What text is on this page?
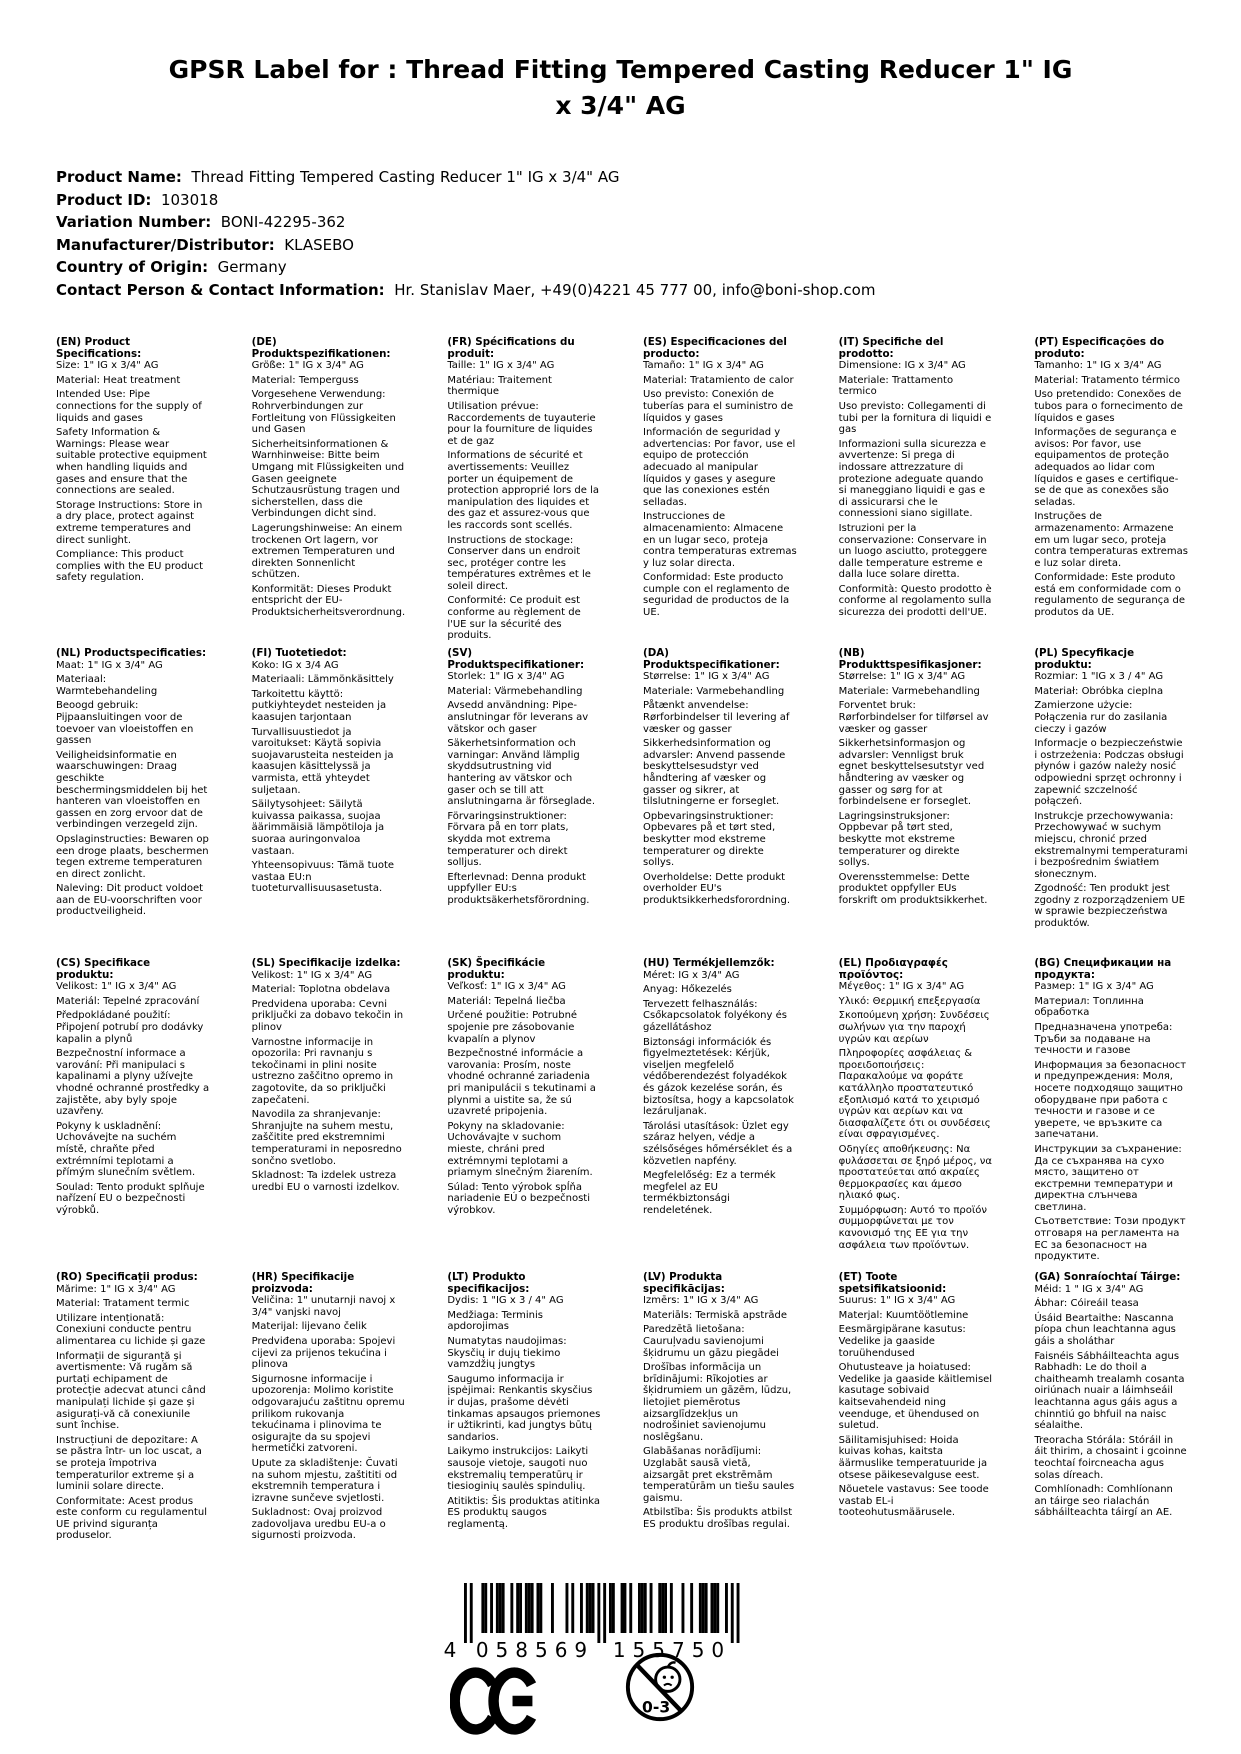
GPSR Label for : Thread Fitting Tempered Casting Reducer 1" IG x 3/4" AG
Product Name:  Thread Fitting Tempered Casting Reducer 1" IG x 3/4" AG
Product ID:  103018
Variation Number:  BONI-42295-362
Manufacturer/Distributor:  KLASEBO
Country of Origin:  Germany
Contact Person & Contact Information:  Hr. Stanislav Maer, +49(0)4221 45 777 00, info@boni-shop.com
(EN) Product Specifications:

Size: 1" IG x 3/4" AG

Material: Heat treatment

Intended Use: Pipe connections for the supply of liquids and gases

Safety Information & Warnings: Please wear suitable protective equipment when handling liquids and gases and ensure that the connections are sealed.

Storage Instructions: Store in a dry place, protect against extreme temperatures and direct sunlight.

Compliance: This product complies with the EU product safety regulation.

(DE) Produktspezifikationen:

Größe: 1" IG x 3/4" AG

Material: Temperguss

Vorgesehene Verwendung: Rohrverbindungen zur Fortleitung von Flüssigkeiten und Gasen

Sicherheitsinformationen & Warnhinweise: Bitte beim Umgang mit Flüssigkeiten und Gasen geeignete Schutzausrüstung tragen und sicherstellen, dass die Verbindungen dicht sind.

Lagerungshinweise: An einem trockenen Ort lagern, vor extremen Temperaturen und direkten Sonnenlicht schützen.

Konformität: Dieses Produkt entspricht der EU-Produktsicherheitsverordnung.

(FR) Spécifications du produit:

Taille: 1" IG x 3/4" AG

Matériau: Traitement thermique

Utilisation prévue: Raccordements de tuyauterie pour la fourniture de liquides et de gaz

Informations de sécurité et avertissements: Veuillez porter un équipement de protection approprié lors de la manipulation des liquides et des gaz et assurez-vous que les raccords sont scellés.

Instructions de stockage: Conserver dans un endroit sec, protéger contre les températures extrêmes et le soleil direct.

Conformité: Ce produit est conforme au règlement de l'UE sur la sécurité des produits.

(ES) Especificaciones del producto:

Tamaño: 1" IG x 3/4" AG

Material: Tratamiento de calor

Uso previsto: Conexión de tuberías para el suministro de líquidos y gases

Información de seguridad y advertencias: Por favor, use el equipo de protección adecuado al manipular líquidos y gases y asegure que las conexiones estén selladas.

Instrucciones de almacenamiento: Almacene en un lugar seco, proteja contra temperaturas extremas y luz solar directa.

Conformidad: Este producto cumple con el reglamento de seguridad de productos de la UE.

(IT) Specifiche del prodotto:

Dimensione: IG x 3/4" AG

Materiale: Trattamento termico

Uso previsto: Collegamenti di tubi per la fornitura di liquidi e gas

Informazioni sulla sicurezza e avvertenze: Si prega di indossare attrezzature di protezione adeguate quando si maneggiano liquidi e gas e di assicurarsi che le connessioni siano sigillate.

Istruzioni per la conservazione: Conservare in un luogo asciutto, proteggere dalle temperature estreme e dalla luce solare diretta.

Conformità: Questo prodotto è conforme al regolamento sulla sicurezza dei prodotti dell'UE.

(PT) Especificações do produto:

Tamanho: 1" IG x 3/4" AG

Material: Tratamento térmico

Uso pretendido: Conexões de tubos para o fornecimento de líquidos e gases

Informações de segurança e avisos: Por favor, use equipamentos de proteção adequados ao lidar com líquidos e gases e certifique-se de que as conexões são seladas.

Instruções de armazenamento: Armazene em um lugar seco, proteja contra temperaturas extremas e luz solar direta.

Conformidade: Este produto está em conformidade com o regulamento de segurança de produtos da UE.

(NL) Productspecificaties:

Maat: 1" IG x 3/4" AG

Materiaal: Warmtebehandeling

Beoogd gebruik: Pijpaansluitingen voor de toevoer van vloeistoffen en gassen

Veiligheidsinformatie en waarschuwingen: Draag geschikte beschermingsmiddelen bij het hanteren van vloeistoffen en gassen en zorg ervoor dat de verbindingen verzegeld zijn.

Opslaginstructies: Bewaren op een droge plaats, beschermen tegen extreme temperaturen en direct zonlicht.

Naleving: Dit product voldoet aan de EU-voorschriften voor productveiligheid.

(FI) Tuotetiedot:

Koko: IG x 3/4 AG

Materiaali: Lämmönkäsittely

Tarkoitettu käyttö: putkiyhteydet nesteiden ja kaasujen tarjontaan

Turvallisuustiedot ja varoitukset: Käytä sopivia suojavarusteita nesteiden ja kaasujen käsittelyssä ja varmista, että yhteydet suljetaan.

Säilytysohjeet: Säilytä kuivassa paikassa, suojaa äärimmäisiä lämpötiloja ja suoraa auringonvaloa vastaan.

Yhteensopivuus: Tämä tuote vastaa EU:n tuoteturvallisuusasetusta.

(SV) Produktspecifikationer:

Storlek: 1" IG x 3/4" AG

Material: Värmebehandling

Avsedd användning: Pipe-anslutningar för leverans av vätskor och gaser

Säkerhetsinformation och varningar: Använd lämplig skyddsutrustning vid hantering av vätskor och gaser och se till att anslutningarna är förseglade.

Förvaringsinstruktioner: Förvara på en torr plats, skydda mot extrema temperaturer och direkt solljus.

Efterlevnad: Denna produkt uppfyller EU:s produktsäkerhetsförordning.

(DA) Produktspecifikationer:

Størrelse: 1" IG x 3/4" AG

Materiale: Varmebehandling

Påtænkt anvendelse: Rørforbindelser til levering af væsker og gasser

Sikkerhedsinformation og advarsler: Anvend passende beskyttelsesudstyr ved håndtering af væsker og gasser og sikrer, at tilslutningerne er forseglet.

Opbevaringsinstruktioner: Opbevares på et tørt sted, beskytter mod ekstreme temperaturer og direkte sollys.

Overholdelse: Dette produkt overholder EU's produktsikkerhedsforordning.

(NB) Produkttspesifikasjoner:

Størrelse: 1" IG x 3/4" AG

Materiale: Varmebehandling

Forventet bruk: Rørforbindelser for tilførsel av væsker og gasser

Sikkerhetsinformasjon og advarsler: Vennligst bruk egnet beskyttelsesutstyr ved håndtering av væsker og gasser og sørg for at forbindelsene er forseglet.

Lagringsinstruksjoner: Oppbevar på tørt sted, beskytte mot ekstreme temperaturer og direkte sollys.

Overensstemmelse: Dette produktet oppfyller EUs forskrift om produktsikkerhet.

(PL) Specyfikacje produktu:

Rozmiar: 1 "IG x 3 / 4" AG

Materiał: Obróbka cieplna

Zamierzone użycie: Połączenia rur do zasilania cieczy i gazów

Informacje o bezpieczeństwie i ostrzeżenia: Podczas obsługi płynów i gazów należy nosić odpowiedni sprzęt ochronny i zapewnić szczelność połączeń.

Instrukcje przechowywania: Przechowywać w suchym miejscu, chronić przed ekstremalnymi temperaturami i bezpośrednim światłem słonecznym.

Zgodność: Ten produkt jest zgodny z rozporządzeniem UE w sprawie bezpieczeństwa produktów.

(CS) Specifikace produktu:

Velikost: 1" IG x 3/4" AG

Materiál: Tepelné zpracování

Předpokládané použití: Připojení potrubí pro dodávky kapalin a plynů

Bezpečnostní informace a varování: Při manipulaci s kapalinami a plyny užívejte vhodné ochranné prostředky a zajistěte, aby byly spoje uzavřeny.

Pokyny k uskladnění: Uchovávejte na suchém místě, chraňte před extrémními teplotami a přímým slunečním světlem.

Soulad: Tento produkt splňuje nařízení EU o bezpečnosti výrobků.

(SL) Specifikacije izdelka:

Velikost: 1" IG x 3/4" AG

Material: Toplotna obdelava

Predvidena uporaba: Cevni priključki za dobavo tekočin in plinov

Varnostne informacije in opozorila: Pri ravnanju s tekočinami in plini nosite ustrezno zaščitno opremo in zagotovite, da so priključki zapečateni.

Navodila za shranjevanje: Shranjujte na suhem mestu, zaščitite pred ekstremnimi temperaturami in neposredno sončno svetlobo.

Skladnost: Ta izdelek ustreza uredbi EU o varnosti izdelkov.

(SK) Špecifikácie produktu:

Veľkosť: 1" IG x 3/4" AG

Materiál: Tepelná liečba

Určené použitie: Potrubné spojenie pre zásobovanie kvapalín a plynov

Bezpečnostné informácie a varovania: Prosím, noste vhodné ochranné zariadenia pri manipulácii s tekutinami a plynmi a uistite sa, že sú uzavreté pripojenia.

Pokyny na skladovanie: Uchovávajte v suchom mieste, chráni pred extrémnymi teplotami a priamym slnečným žiarením.

Súlad: Tento výrobok spĺňa nariadenie EÚ o bezpečnosti výrobkov.

(HU) Termékjellemzők:

Méret: IG x 3/4" AG

Anyag: Hőkezelés

Tervezett felhasználás: Csőkapcsolatok folyékony és gázellátáshoz

Biztonsági információk és figyelmeztetések: Kérjük, viseljen megfelelő védőberendezést folyadékok és gázok kezelése során, és biztosítsa, hogy a kapcsolatok lezáruljanak.

Tárolási utasítások: Üzlet egy száraz helyen, védje a szélsőséges hőmérséklet és a közvetlen napfény.

Megfelelőség: Ez a termék megfelel az EU termékbiztonsági rendeletének.

(EL) Προδιαγραφές προϊόντος:

Μέγεθος: 1" IG x 3/4" AG

Υλικό: Θερμική επεξεργασία

Σκοπούμενη χρήση: Συνδέσεις σωλήνων για την παροχή υγρών και αερίων

Πληροφορίες ασφάλειας & προειδοποιήσεις: Παρακαλούμε να φοράτε κατάλληλο προστατευτικό εξοπλισμό κατά το χειρισμό υγρών και αερίων και να διασφαλίζετε ότι οι συνδέσεις είναι σφραγισμένες.

Οδηγίες αποθήκευσης: Να φυλάσσεται σε ξηρό μέρος, να προστατεύεται από ακραίες θερμοκρασίες και άμεσο ηλιακό φως.

Συμμόρφωση: Αυτό το προϊόν συμμορφώνεται με τον κανονισμό της ΕΕ για την ασφάλεια των προϊόντων.

(BG) Спецификации на продукта:

Размер: 1" IG x 3/4" AG

Материал: Топлинна обработка

Предназначена употреба: Тръби за подаване на течности и газове

Информация за безопасност и предупреждения: Моля, носете подходящо защитно оборудване при работа с течности и газове и се уверете, че връзките са запечатани.

Инструкции за съхранение: Да се съхранява на сухо място, защитено от екстремни температури и директна слънчева светлина.

Съответствие: Този продукт отговаря на регламента на ЕС за безопасност на продуктите.

(RO) Specificații produs:

Mărime: 1" IG x 3/4" AG

Material: Tratament termic

Utilizare intenționată: Conexiuni conducte pentru alimentarea cu lichide și gaze

Informații de siguranță și avertismente: Vă rugăm să purtați echipament de protecție adecvat atunci când manipulați lichide și gaze și asigurați-vă că conexiunile sunt închise.

Instrucțiuni de depozitare: A se păstra într- un loc uscat, a se proteja împotriva temperaturilor extreme și a luminii solare directe.

Conformitate: Acest produs este conform cu regulamentul UE privind siguranța produselor.

(HR) Specifikacije proizvoda:

Veličina: 1" unutarnji navoj x 3/4" vanjski navoj

Materijal: lijevano čelik

Predviđena uporaba: Spojevi cijevi za prijenos tekućina i plinova

Sigurnosne informacije i upozorenja: Molimo koristite odgovarajuću zaštitnu opremu prilikom rukovanja tekućinama i plinovima te osigurajte da su spojevi hermetički zatvoreni.

Upute za skladištenje: Čuvati na suhom mjestu, zaštititi od ekstremnih temperatura i izravne sunčeve svjetlosti.

Sukladnost: Ovaj proizvod zadovoljava uredbu EU-a o sigurnosti proizvoda.

(LT) Produkto specifikacijos:

Dydis: 1 "IG x 3 / 4" AG

Medžiaga: Terminis apdorojimas

Numatytas naudojimas: Skysčių ir dujų tiekimo vamzdžių jungtys

Saugumo informacija ir įspėjimai: Renkantis skysčius ir dujas, prašome dėvėti tinkamas apsaugos priemones ir užtikrinti, kad jungtys būtų sandarios.

Laikymo instrukcijos: Laikyti sausoje vietoje, saugoti nuo ekstremalių temperatūrų ir tiesioginių saulės spindulių.

Atitiktis: Šis produktas atitinka ES produktų saugos reglamentą.

(LV) Produkta specifikācijas:

Izmērs: 1" IG x 3/4" AG

Materiāls: Termiskā apstrāde

Paredzētā lietošana: Cauruļvadu savienojumi šķidrumu un gāzu piegādei

Drošības informācija un brīdinājumi: Rīkojoties ar šķidrumiem un gāzēm, lūdzu, lietojiet piemērotus aizsarglīdzekļus un nodrošiniet savienojumu noslēgšanu.

Glabāšanas norādījumi: Uzglabāt sausā vietā, aizsargāt pret ekstrēmām temperatūrām un tiešu saules gaismu.

Atbilstība: Šis produkts atbilst ES produktu drošības regulai.

(ET) Toote spetsifikatsioonid:

Suurus: 1" IG x 3/4" AG

Materjal: Kuumtöötlemine

Eesmärgipärane kasutus: Vedelike ja gaaside toruühendused

Ohutusteave ja hoiatused: Vedelike ja gaaside käitlemisel kasutage sobivaid kaitsevahendeid ning veenduge, et ühendused on suletud.

Säilitamisjuhised: Hoida kuivas kohas, kaitsta äärmuslike temperatuuride ja otsese päikesevalguse eest.

Nõuetele vastavus: See toode vastab EL-i tooteohutusmäärusele.

(GA) Sonraíochtaí Táirge:

Méid: 1 " IG x 3/4" AG

Ábhar: Cóireáil teasa

Úsáid Beartaithe: Nascanna píopa chun leachtanna agus gáis a sholáthar

Faisnéis Sábháilteachta agus Rabhadh: Le do thoil a chaitheamh trealamh cosanta oiriúnach nuair a láimhseáil leachtanna agus gáis agus a chinntiú go bhfuil na naisc séalaithe.

Treoracha Stórála: Stóráil in áit thirim, a chosaint i gcoinne teochtaí foircneacha agus solas díreach.

Comhlíonadh: Comhlíonann an táirge seo rialachán sábháilteachta táirgí an AE.

4 058569 155750
0-3
